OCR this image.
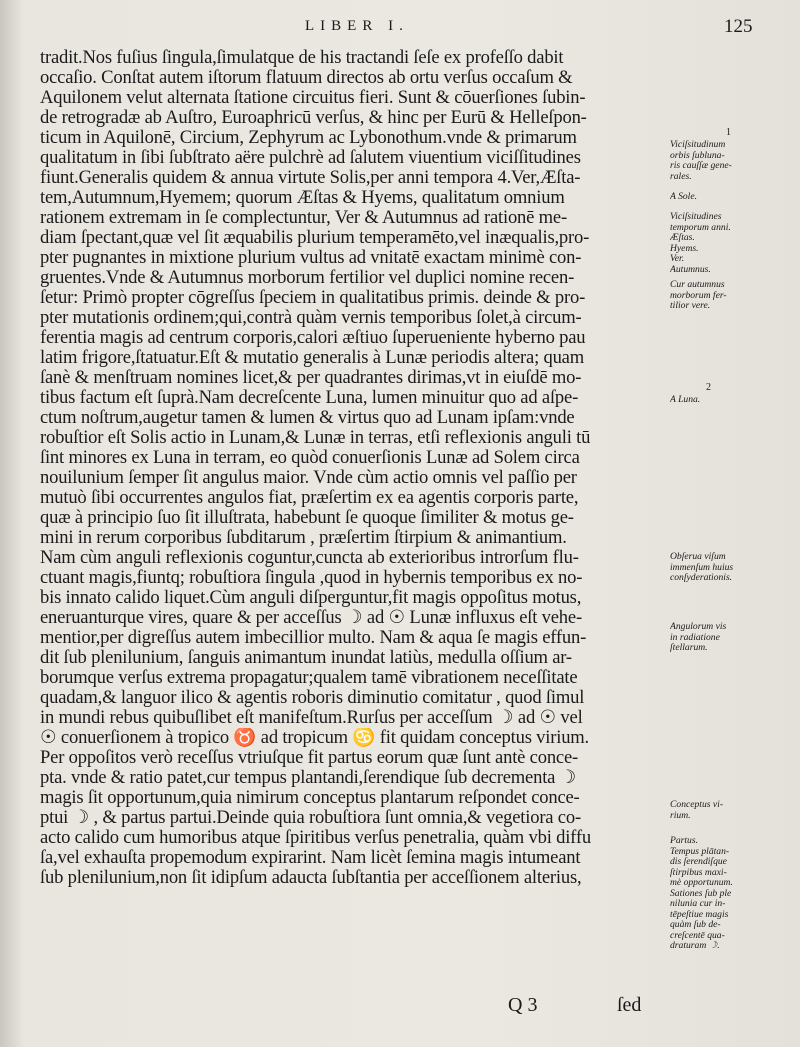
LIBER I.	125
tradit.Nos fuſius ſingula,ſimulatque de his tractandi ſeſe ex profeſſo dabit
occaſio. Conſtat autem iſtorum flatuum directos ab ortu verſus occaſum &
Aquilonem velut alternata ſtatione circuitus fieri. Sunt & cōuerſiones ſubin-
de retrogradæ ab Auſtro, Euroaphricū verſus, & hinc per Eurū & Helleſpon-
ticum in Aquilonē, Circium, Zephyrum ac Lybonothum.vnde & primarum
qualitatum in ſibi ſubſtrato aëre pulchrè ad ſalutem viuentium viciſſitudines
fiunt.Generalis quidem & annua virtute Solis,per anni tempora 4.Ver,Æſta-
tem,Autumnum,Hyemem; quorum Æſtas & Hyems, qualitatum omnium
rationem extremam in ſe complectuntur, Ver & Autumnus ad rationē me-
diam ſpectant,quæ vel ſit æquabilis plurium temperamēto,vel inæqualis,pro-
pter pugnantes in mixtione plurium vultus ad vnitatē exactam minimè con-
gruentes.Vnde & Autumnus morborum fertilior vel duplici nomine recen-
ſetur: Primò propter cōgreſſus ſpeciem in qualitatibus primis. deinde & pro-
pter mutationis ordinem;qui,contrà quàm vernis temporibus ſolet,à circum-
ferentia magis ad centrum corporis,calori æſtiuo ſuperueniente hyberno pau
latim frigore,ſtatuatur.Eſt & mutatio generalis à Lunæ periodis altera; quam
ſanè & menſtruam nomines licet,& per quadrantes dirimas,vt in eiuſdē mo-
tibus factum eſt ſuprà.Nam decreſcente Luna, lumen minuitur quo ad aſpe-
ctum noſtrum,augetur tamen & lumen & virtus quo ad Lunam ipſam:vnde
robuſtior eſt Solis actio in Lunam,& Lunæ in terras, etſi reflexionis anguli tū
ſint minores ex Luna in terram, eo quòd conuerſionis Lunæ ad Solem circa
nouilunium ſemper ſit angulus maior. Vnde cùm actio omnis vel paſſio per
mutuò ſibi occurrentes angulos fiat, præſertim ex ea agentis corporis parte,
quæ à principio ſuo ſit illuſtrata, habebunt ſe quoque ſimiliter & motus ge-
mini in rerum corporibus ſubditarum , præſertim ſtirpium & animantium.
Nam cùm anguli reflexionis coguntur,cuncta ab exterioribus introrſum flu-
ctuant magis,fiuntq; robuſtiora ſingula ,quod in hybernis temporibus ex no-
bis innato calido liquet.Cùm anguli diſperguntur,fit magis oppoſitus motus,
eneruanturque vires, quare & per acceſſus ☽ ad ☉ Lunæ influxus eſt vehe-
mentior,per digreſſus autem imbecillior multo. Nam & aqua ſe magis effun-
dit ſub plenilunium, ſanguis animantum inundat latiùs, medulla oſſium ar-
borumque verſus extrema propagatur;qualem tamē vibrationem neceſſitate
quadam,& languor ilico & agentis roboris diminutio comitatur , quod ſimul
in mundi rebus quibuſlibet eſt manifeſtum.Rurſus per acceſſum ☽ ad ☉ vel
☉ conuerſionem à tropico ♉ ad tropicum ♋ fit quidam conceptus virium.
Per oppoſitos verò receſſus vtriuſque fit partus eorum quæ ſunt antè conce-
pta. vnde & ratio patet,cur tempus plantandi,ſerendique ſub decrementa ☽
magis ſit opportunum,quia nimirum conceptus plantarum reſpondet conce-
ptui ☽ , & partus partui.Deinde quia robuſtiora ſunt omnia,& vegetiora co-
acto calido cum humoribus atque ſpiritibus verſus penetralia, quàm vbi diffu
ſa,vel exhauſta propemodum expirarint. Nam licèt ſemina magis intumeant
ſub plenilunium,non ſit idipſum adaucta ſubſtantia per acceſſionem alterius,
Viciſsitudinum
orbis ſubluna-
ris cauſſæ gene-
rales.
1
A Sole.
Viciſsitudines
temporum anni.
Æſtas.
Hyems.
Ver.
Autumnus.
Cur autumnus
morborum fer-
tilior vere.
A Luna.
2
Obſerua viſum
immenſum huius
conſyderationis.
Angulorum vis
in radiatione
ſtellarum.
Conceptus vi-
rium.
Partus.
Tempus plātan-
dis ſerendiſque
ſtirpibus maxi-
mè opportunum.
Sationes ſub ple
nilunia cur in-
tēpeſtiue magis
quàm ſub de-
creſcentē qua-
draturam ☽.
Q 3	ſed
